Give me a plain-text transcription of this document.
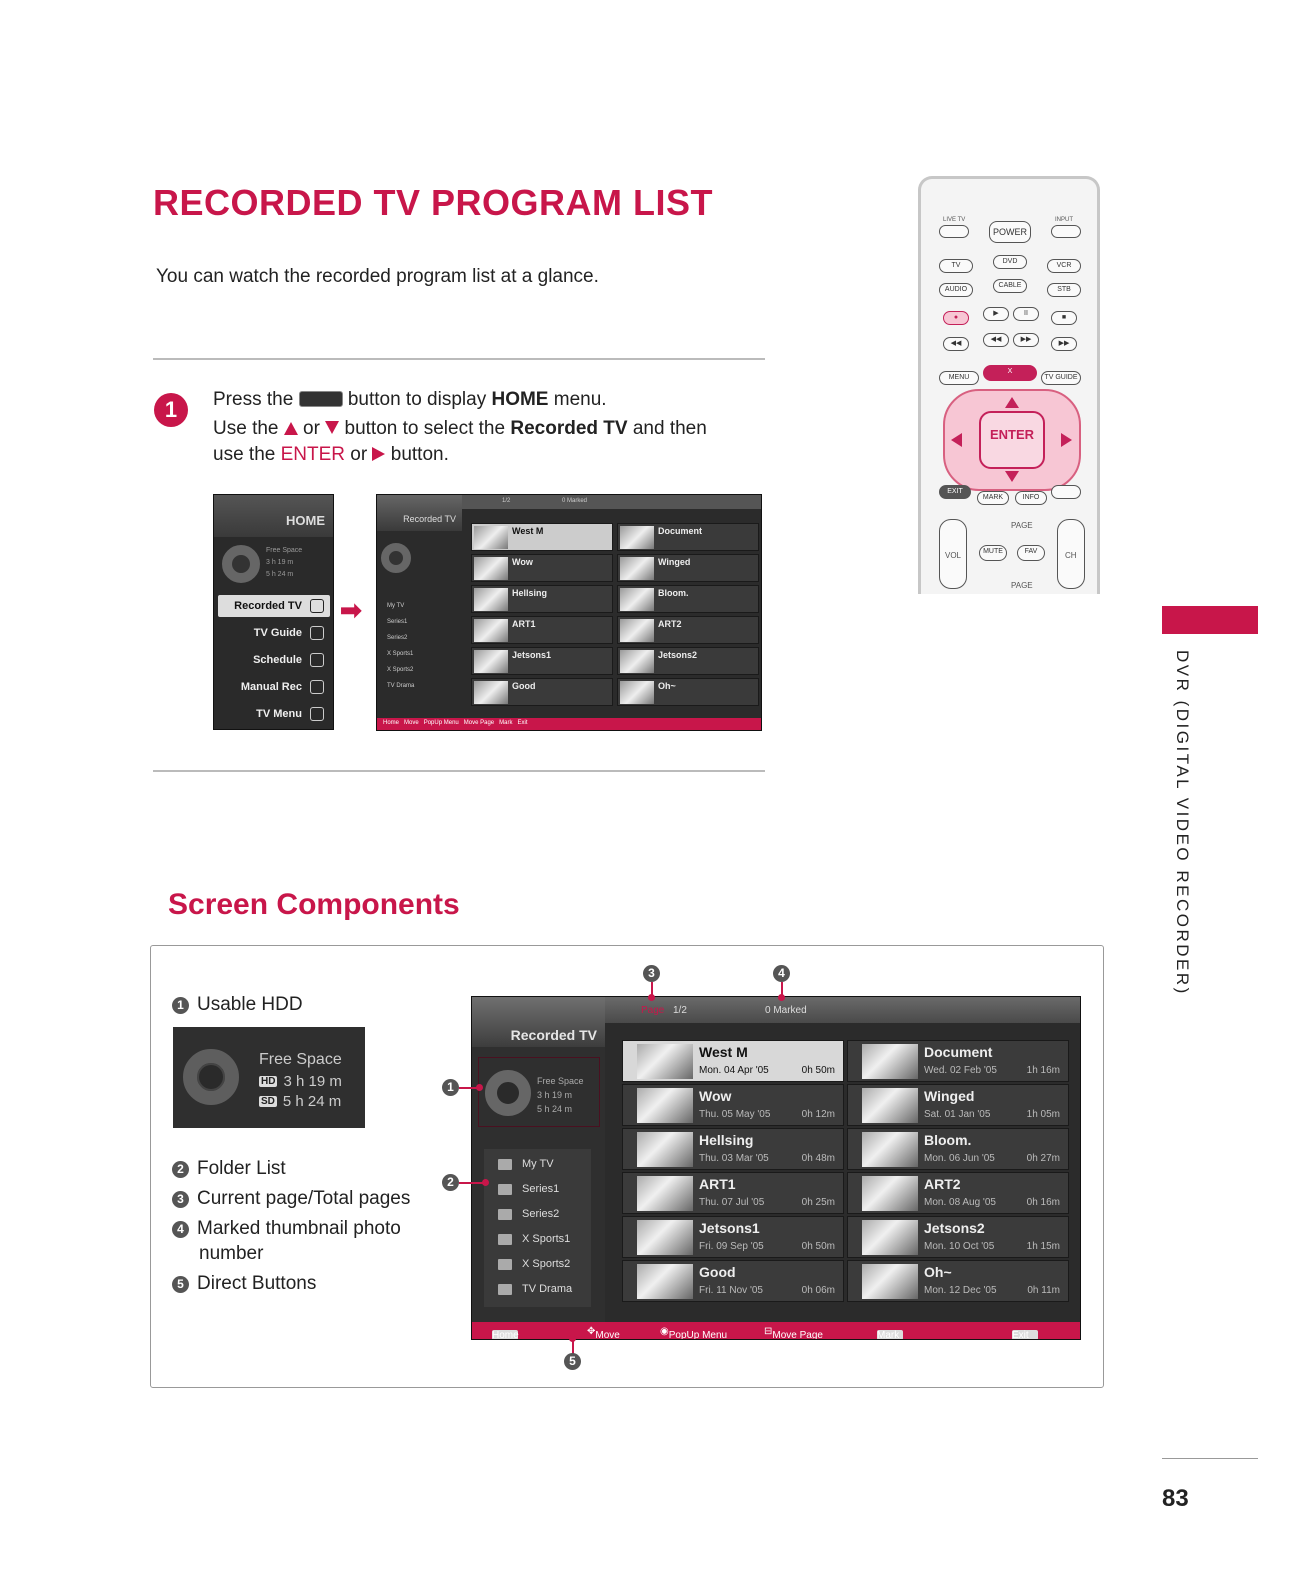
RECORDED TV PROGRAM LIST
You can watch the recorded program list at a glance.
LIVE TV	INPUT
POWER
TV
DVD
VCR
AUDIO
CABLE
STB
●
▶	II
■
◀◀
◀◀	▶▶
▶▶
MENU
X
TV GUIDE
ENTER
EXIT
MARK	INFO
VOL	CH
MUTE	FAV
PAGE
PAGE
1	Press the	button to display HOME menu.
Use the or button to select the Recorded TV and then
use the ENTER or button.
HOME
Free Space
3 h 19 m
5 h 24 m
Recorded TV
TV Guide
Schedule
Manual Rec
TV Menu
➡
1/2	0 Marked
Recorded TV
My TV
Series1
Series2
X Sports1
X Sports2
TV Drama
West M	Document
Wow	Winged
Hellsing	Bloom.
ART1	ART2
Jetsons1	Jetsons2
Good	Oh~
Home Move PopUp Menu Move Page Mark Exit	DVR (DIGITAL VIDEO RECORDER)
Screen Components
1 Usable HDD
Free Space
HD 3 h 19 m
SD 5 h 24 m
2 Folder List
3 Current page/Total pages
4 Marked thumbnail photo
number
5 Direct Buttons
Recorded TV
Page 1/2	0 Marked
Free Space
3 h 19 m
5 h 24 m
My TV
Series1
Series2
X Sports1
X Sports2
TV Drama
West M
Mon. 04 Apr '05	0h 50m
Document
Wed. 02 Feb '05	1h 16m
Wow
Thu. 05 May '05	0h 12m
Winged
Sat. 01 Jan '05	1h 05m
Hellsing
Thu. 03 Mar '05	0h 48m
Bloom.
Mon. 06 Jun '05	0h 27m
ART1
Thu. 07 Jul '05	0h 25m
ART2
Mon. 08 Aug '05	0h 16m
Jetsons1
Fri. 09 Sep '05	0h 50m
Jetsons2
Mon. 10 Oct '05	1h 15m
Good
Fri. 11 Nov '05	0h 06m
Oh~
Mon. 12 Dec '05	0h 11m
Home	✥ Move	◉ PopUp Menu	⊟ Move Page	Mark	Exit
3	4
1
2
5
83
